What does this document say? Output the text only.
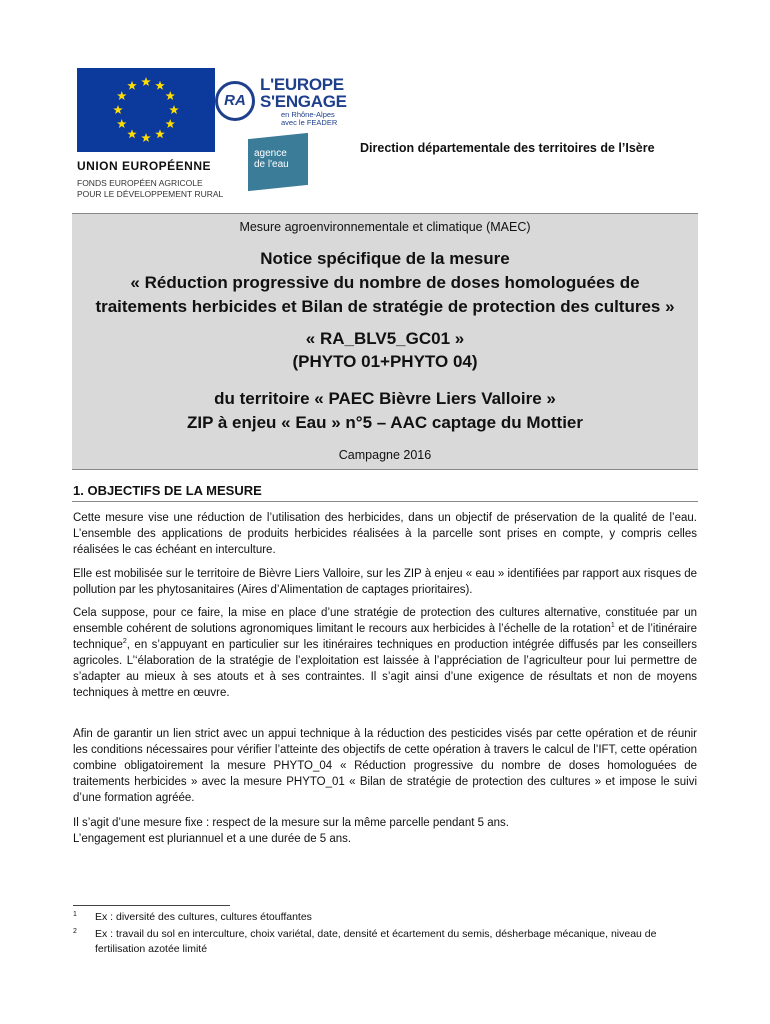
UNION EUROPÉENNE
FONDS EUROPÉEN AGRICOLE
POUR LE DÉVELOPPEMENT RURAL
RA
L'EUROPE
S'ENGAGE
en Rhône-Alpes
avec le FEADER
agence
de l'eau
Direction départementale des territoires de l’Isère
Mesure agroenvironnementale et climatique (MAEC)
Notice spécifique de la mesure
« Réduction progressive du nombre de doses homologuées de
traitements herbicides et Bilan de stratégie de protection des cultures »
« RA_BLV5_GC01 »
(PHYTO 01+PHYTO 04)
du territoire « PAEC Bièvre Liers Valloire »
ZIP à enjeu « Eau » n°5 – AAC captage du Mottier
Campagne 2016
1. OBJECTIFS DE LA MESURE

Cette mesure vise une réduction de l’utilisation des herbicides, dans un objectif de préservation de la qualité de l’eau. L’ensemble des applications de produits herbicides réalisées à la parcelle sont prises en compte, y compris celles réalisées le cas échéant en interculture.

Elle est mobilisée sur le territoire de Bièvre Liers Valloire, sur les ZIP à enjeu « eau » identifiées par rapport aux risques de pollution par les phytosanitaires (Aires d’Alimentation de captages prioritaires).

Cela suppose, pour ce faire, la mise en place d’une stratégie de protection des cultures alternative, constituée par un ensemble cohérent de solutions agronomiques limitant le recours aux herbicides à l’échelle de la rotation$^1$ et de l’itinéraire technique$^2$, en s’appuyant en particulier sur les itinéraires techniques en production intégrée diffusés par les conseillers agricoles. L’‘élaboration de la stratégie de l’exploitation est laissée à l’appréciation de l’agriculteur pour lui permettre de s’adapter au mieux à ses atouts et à ses contraintes. Il s’agit ainsi d’une exigence de résultats et non de moyens techniques à mettre en œuvre.

Afin de garantir un lien strict avec un appui technique à la réduction des pesticides visés par cette opération et de réunir les conditions nécessaires pour vérifier l’atteinte des objectifs de cette opération à travers le calcul de l’IFT, cette opération combine obligatoirement la mesure PHYTO_04 « Réduction progressive du nombre de doses homologuées de traitements herbicides » avec la mesure PHYTO_01 « Bilan de stratégie de protection des cultures » et impose le suivi d’une formation agréée.

Il s’agit d’une mesure fixe : respect de la mesure sur la même parcelle pendant 5 ans.
L’engagement est pluriannuel et a une durée de 5 ans.

1 Ex : diversité des cultures, cultures étouffantes
2 Ex : travail du sol en interculture, choix variétal, date, densité et écartement du semis, désherbage mécanique, niveau de fertilisation azotée limité
